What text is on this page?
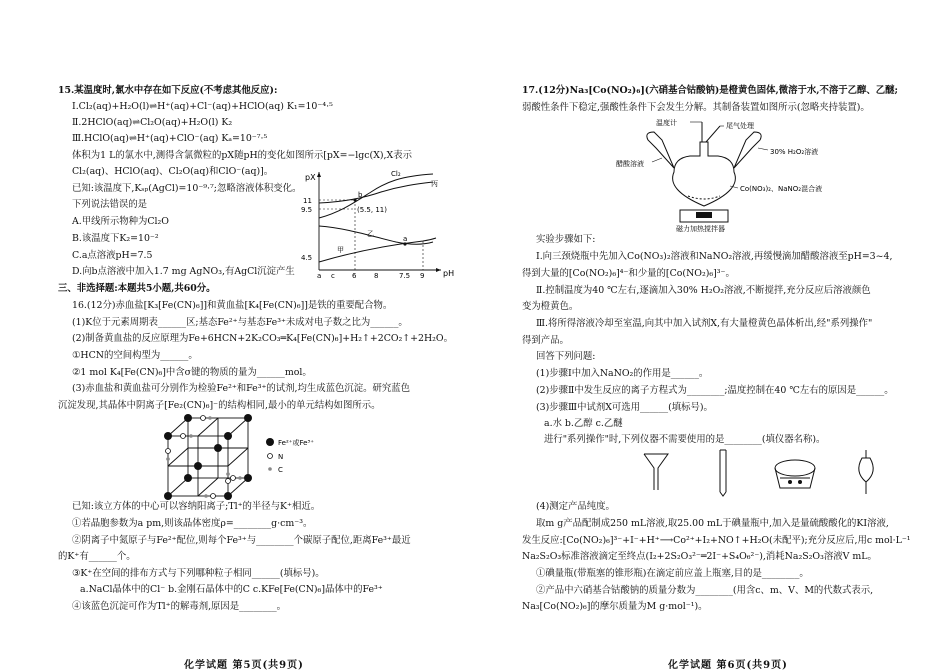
15.某温度时,氯水中存在如下反应(不考虑其他反应):
Ⅰ.Cl₂(aq)+H₂O(l)⇌H⁺(aq)+Cl⁻(aq)+HClO(aq) K₁=10⁻⁴·⁵
Ⅱ.2HClO(aq)⇌Cl₂O(aq)+H₂O(l) K₂
Ⅲ.HClO(aq)⇌H⁺(aq)+ClO⁻(aq) Kₐ=10⁻⁷·⁵
体积为1 L的氯水中,测得含氯微粒的pX随pH的变化如图所示[pX=−lgc(X),X表示
Cl₂(aq)、HClO(aq)、Cl₂O(aq)和ClO⁻(aq)]。
已知:该温度下,Kₛₚ(AgCl)=10⁻⁹·⁷;忽略溶液体积变化。
下列说法错误的是
A.甲线所示物种为Cl₂O
B.该温度下K₂=10⁻²
C.a点溶液pH=7.5
D.向b点溶液中加入1.7 mg AgNO₃,有AgCl沉淀产生
三、非选择题:本题共5小题,共60分。
16.(12分)赤血盐[K₃[Fe(CN)₆]]和黄血盐[K₄[Fe(CN)₆]]是铁的重要配合物。
(1)K位于元素周期表______区;基态Fe²⁺与基态Fe³⁺未成对电子数之比为______。
(2)制备黄血盐的反应原理为Fe+6HCN+2K₂CO₃═K₄[Fe(CN)₆]+H₂↑+2CO₂↑+2H₂O。
①HCN的空间构型为______。
②1 mol K₄[Fe(CN)₆]中含σ键的物质的量为______mol。
(3)赤血盐和黄血盐可分别作为检验Fe²⁺和Fe³⁺的试剂,均生成蓝色沉淀。研究蓝色
沉淀发现,其晶体中阴离子[Fe₂(CN)₆]⁻的结构相同,最小的单元结构如图所示。
已知:该立方体的中心可以容纳阳离子;Tl⁺的半径与K⁺相近。
①若晶胞参数为a pm,则该晶体密度ρ=________g·cm⁻³。
②阴离子中氮原子与Fe²⁺配位,则每个Fe³⁺与________个碳原子配位,距离Fe³⁺最近
的K⁺有______个。
③K⁺在空间的排布方式与下列哪种粒子相同______(填标号)。
a.NaCl晶体中的Cl⁻ b.金刚石晶体中的C c.KFe[Fe(CN)₆]晶体中的Fe³⁺
④该蓝色沉淀可作为Tl⁺的解毒剂,原因是________。
pX
pH
11
9.5
4.5
a c 6	8	7.5 9
Cl₂
丙
乙
甲
b
(5.5, 11)
a
Fe²⁺或Fe³⁺
N
C
化学试题 第5页(共9页)
17.(12分)Na₃[Co(NO₂)₆](六硝基合钴酸钠)是橙黄色固体,微溶于水,不溶于乙醇、乙醚;
弱酸性条件下稳定,强酸性条件下会发生分解。其制备装置如图所示(忽略夹持装置)。
温度计	尾气处理
30% H₂O₂溶液
醋酸溶液
Co(NO₃)₂、NaNO₂混合液
磁力加热搅拌器
实验步骤如下:
Ⅰ.向三颈烧瓶中先加入Co(NO₃)₂溶液和NaNO₂溶液,再缓慢滴加醋酸溶液至pH=3~4,
得到大量的[Co(NO₂)₆]⁴⁻和少量的[Co(NO₂)₆]³⁻。
Ⅱ.控制温度为40 ℃左右,逐滴加入30% H₂O₂溶液,不断搅拌,充分反应后溶液颜色
变为橙黄色。
Ⅲ.将所得溶液冷却至室温,向其中加入试剂X,有大量橙黄色晶体析出,经"系列操作"
得到产品。
回答下列问题:
(1)步骤Ⅰ中加入NaNO₂的作用是______。
(2)步骤Ⅱ中发生反应的离子方程式为________;温度控制在40 ℃左右的原因是______。
(3)步骤Ⅲ中试剂X可选用______(填标号)。
a.水 b.乙醇 c.乙醚
进行"系列操作"时,下列仪器不需要使用的是________(填仪器名称)。
(4)测定产品纯度。
取m g产品配制成250 mL溶液,取25.00 mL于碘量瓶中,加入是量硫酸酸化的KI溶液,
发生反应:[Co(NO₂)₆]³⁻+I⁻+H⁺⟶Co²⁺+I₂+NO↑+H₂O(未配平);充分反应后,用c mol·L⁻¹
Na₂S₂O₃标准溶液滴定至终点(I₂+2S₂O₃²⁻═2I⁻+S₄O₆²⁻),消耗Na₂S₂O₃溶液V mL。
①碘量瓶(带瓶塞的锥形瓶)在滴定前应盖上瓶塞,目的是________。
②产品中六硝基合钴酸钠的质量分数为________(用含c、m、V、M的代数式表示,
Na₃[Co(NO₂)₆]的摩尔质量为M g·mol⁻¹)。
化学试题 第6页(共9页)
